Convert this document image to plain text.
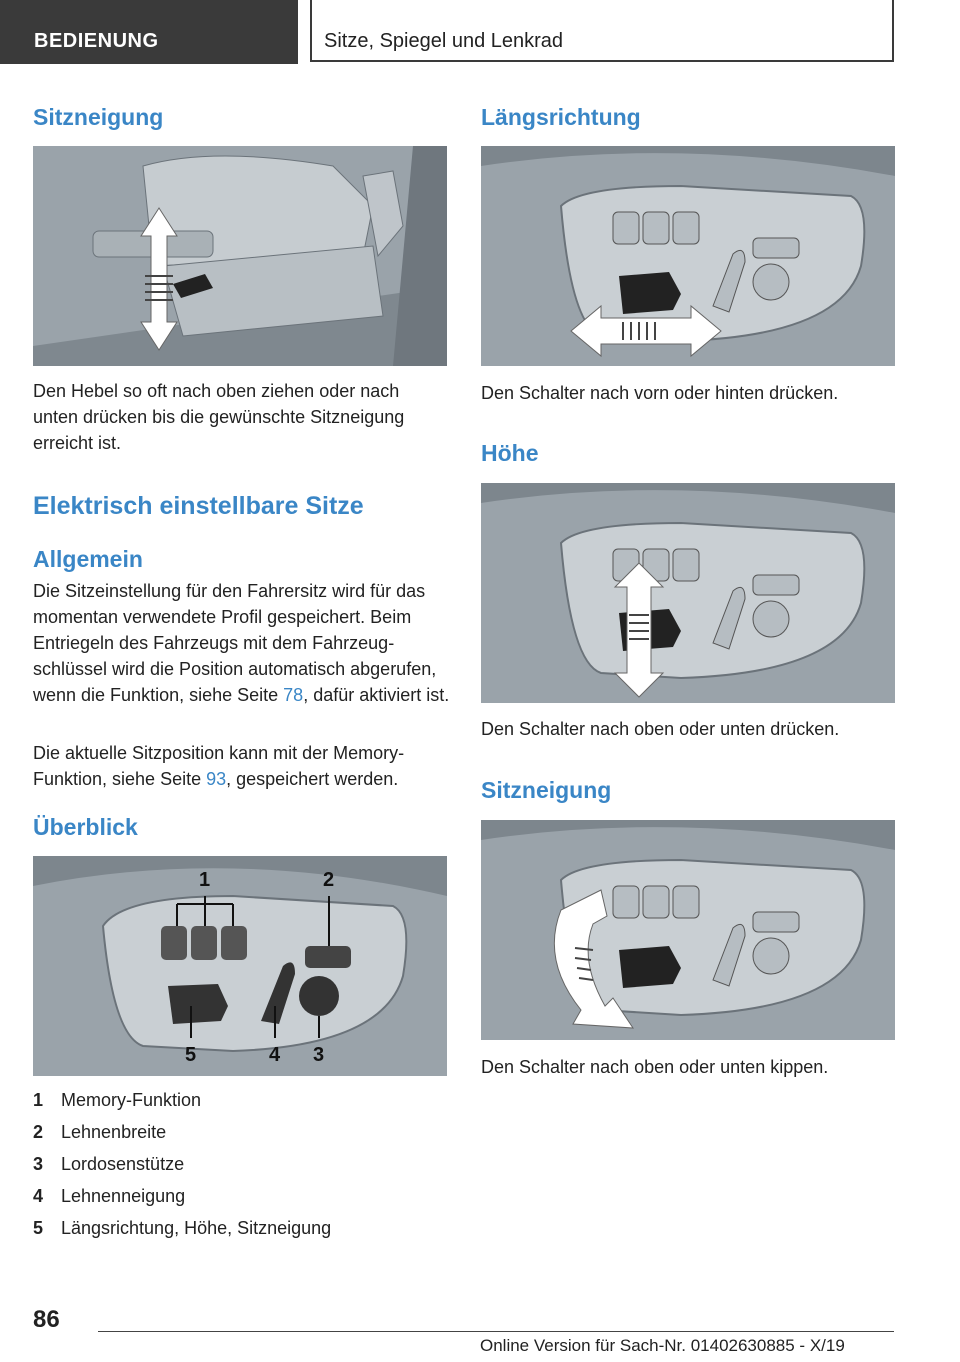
BEDIENUNG	Sitze, Spiegel und Lenkrad
Sitzneigung

Den Hebel so oft nach oben ziehen oder nach unten drücken bis die gewünschte Sitzneigung erreicht ist.

Elektrisch einstellbare Sitze
Allgemein

Die Sitzeinstellung für den Fahrersitz wird für das momentan verwendete Profil gespeichert. Beim Entriegeln des Fahrzeugs mit dem Fahrzeugschlüssel wird die Position automatisch abgerufen, wenn die Funktion, siehe Seite 78, dafür aktiviert ist.

Die aktuelle Sitzposition kann mit der Memory-Funktion, siehe Seite 93, gespeichert werden.

Überblick
1	2
3
4
5
1 Memory-Funktion
2 Lehnenbreite
3 Lordosenstütze
4 Lehnenneigung
5 Längsrichtung, Höhe, Sitzneigung
Längsrichtung

Den Schalter nach vorn oder hinten drücken.

Höhe

Den Schalter nach oben oder unten drücken.

Sitzneigung

Den Schalter nach oben oder unten kippen.

86
Online Version für Sach-Nr. 01402630885 - X/19
